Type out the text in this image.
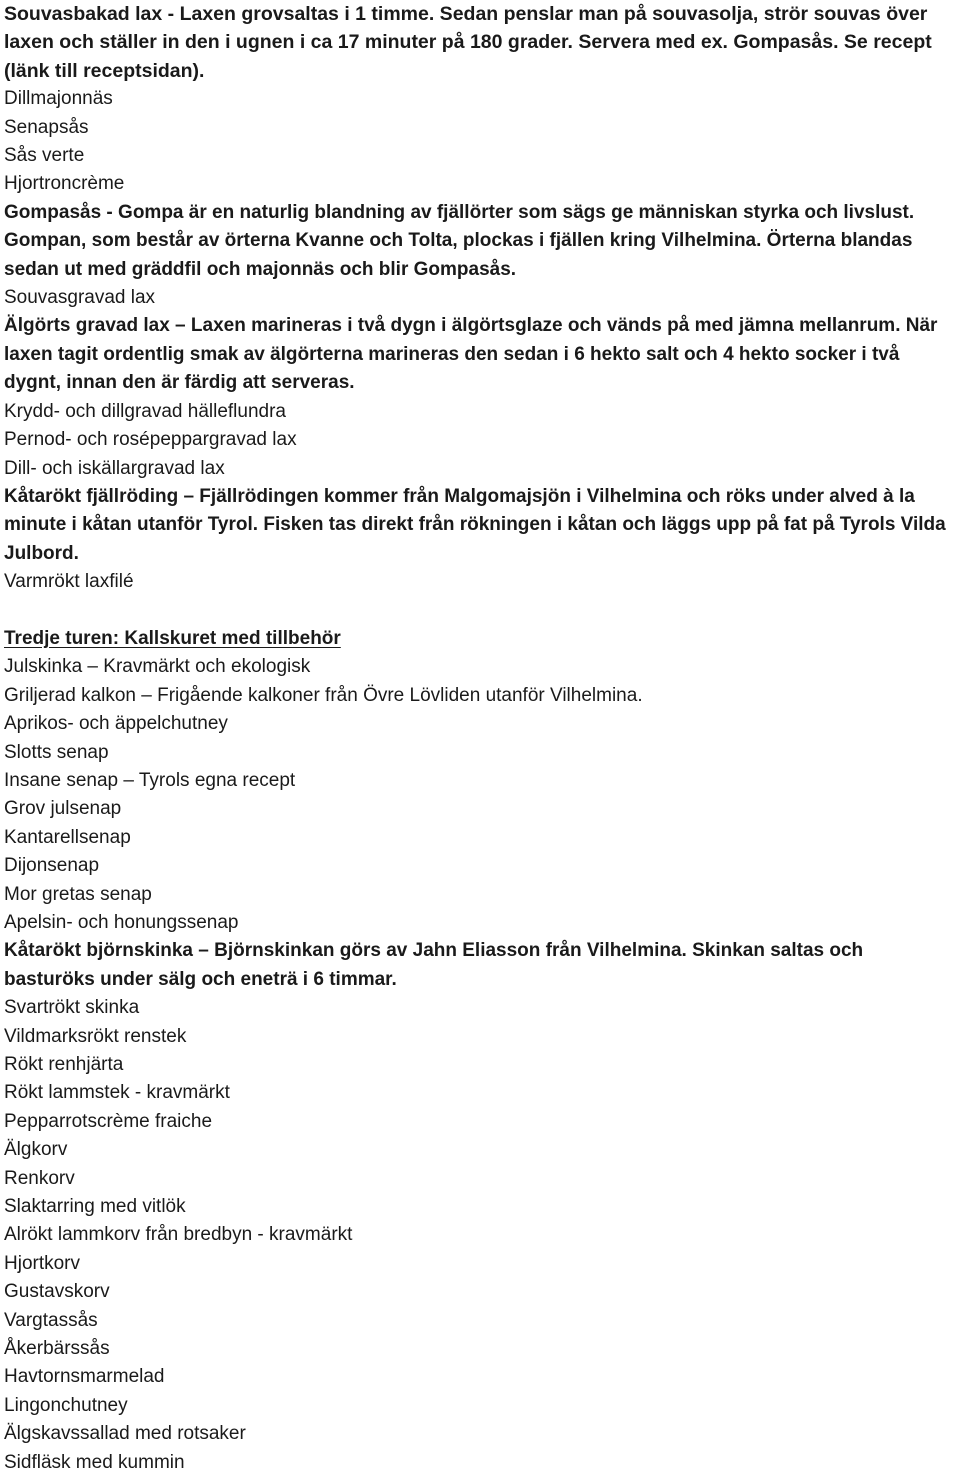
Souvasbakad lax - Laxen grovsaltas i 1 timme. Sedan penslar man på souvasolja, strör souvas över laxen och ställer in den i ugnen i ca 17 minuter på 180 grader. Servera med ex. Gompasås. Se recept (länk till receptsidan).
Dillmajonnäs
Senapsås
Sås verte
Hjortroncrème
Gompasås - Gompa är en naturlig blandning av fjällörter som sägs ge människan styrka och livslust. Gompan, som består av örterna Kvanne och Tolta, plockas i fjällen kring Vilhelmina. Örterna blandas sedan ut med gräddfil och majonnäs och blir Gompasås.
Souvasgravad lax
Älgörts gravad lax – Laxen marineras i två dygn i älgörtsglaze och vänds på med jämna mellanrum. När laxen tagit ordentlig smak av älgörterna marineras den sedan i 6 hekto salt och 4 hekto socker i två dygnt, innan den är färdig att serveras.
Krydd- och dillgravad hälleflundra
Pernod- och rosépeppargravad lax
Dill- och iskällargravad lax
Kåtarökt fjällröding – Fjällrödingen kommer från Malgomajsjön i Vilhelmina och röks under alved à la minute i kåtan utanför Tyrol. Fisken tas direkt från rökningen i kåtan och läggs upp på fat på Tyrols Vilda Julbord.
Varmrökt laxfilé
Tredje turen: Kallskuret med tillbehör
Julskinka – Kravmärkt och ekologisk
Griljerad kalkon – Frigående kalkoner från Övre Lövliden utanför Vilhelmina.
Aprikos- och äppelchutney
Slotts senap
Insane senap – Tyrols egna recept
Grov julsenap
Kantarellsenap
Dijonsenap
Mor gretas senap
Apelsin- och honungssenap
Kåtarökt björnskinka – Björnskinkan görs av Jahn Eliasson från Vilhelmina. Skinkan saltas och basturöks under sälg och eneträ i 6 timmar.
Svartrökt skinka
Vildmarksrökt renstek
Rökt renhjärta
Rökt lammstek - kravmärkt
Pepparrotscrème fraiche
Älgkorv
Renkorv
Slaktarring med vitlök
Alrökt lammkorv från bredbyn - kravmärkt
Hjortkorv
Gustavskorv
Vargtassås
Åkerbärssås
Havtornsmarmelad
Lingonchutney
Älgskavssallad med rotsaker
Sidfläsk med kummin
